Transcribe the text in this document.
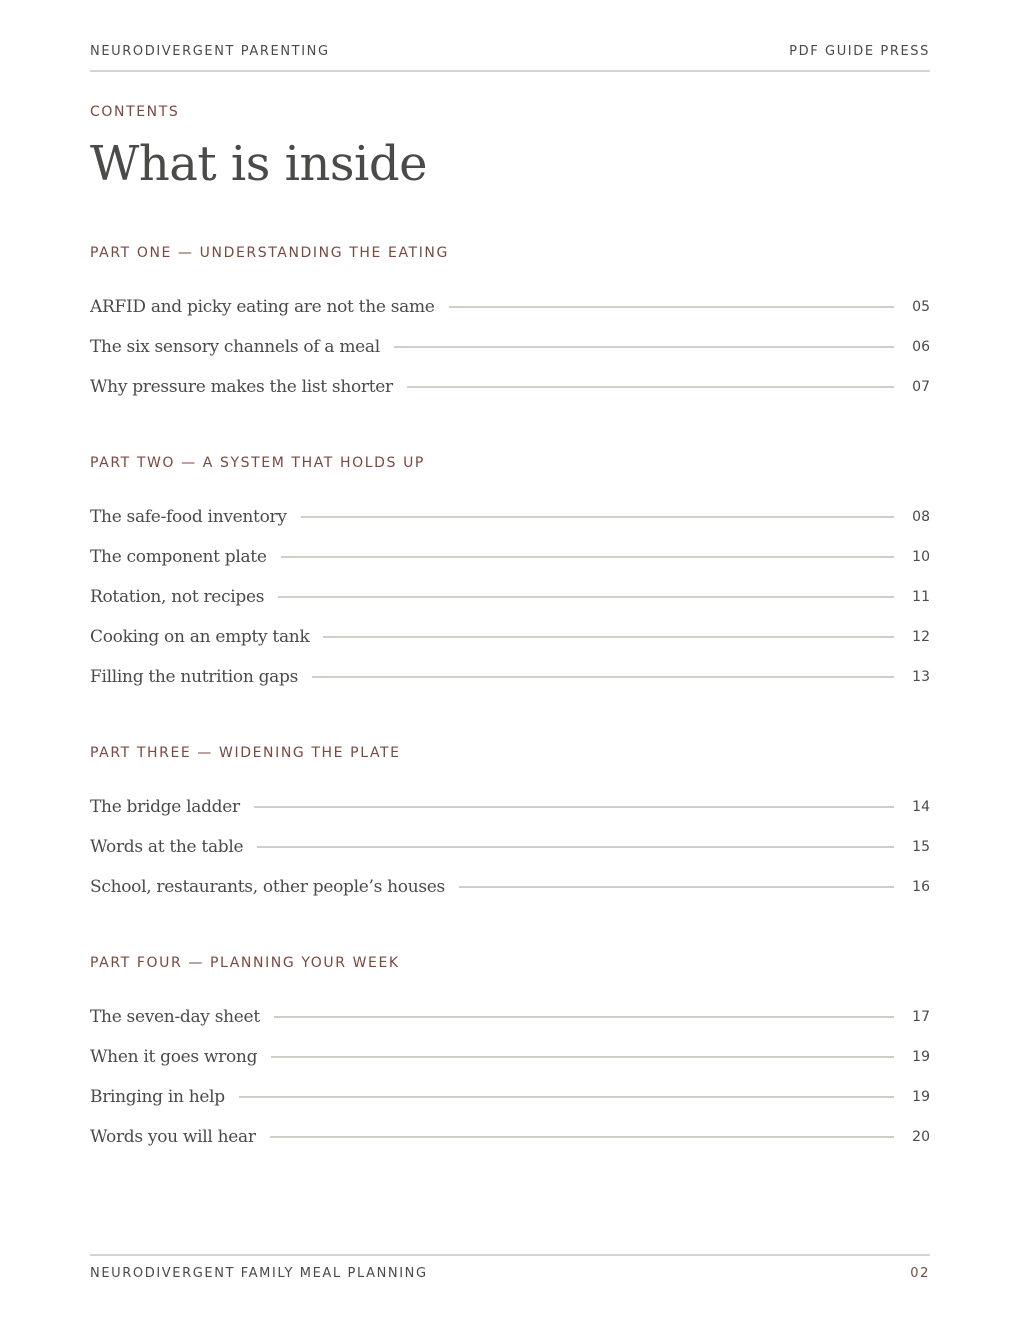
NEURODIVERGENT PARENTING	PDF GUIDE PRESS
CONTENTS
What is inside
PART ONE — UNDERSTANDING THE EATING
ARFID and picky eating are not the same	05
The six sensory channels of a meal	06
Why pressure makes the list shorter	07
PART TWO — A SYSTEM THAT HOLDS UP
The safe-food inventory	08
The component plate	10
Rotation, not recipes	11
Cooking on an empty tank	12
Filling the nutrition gaps	13
PART THREE — WIDENING THE PLATE
The bridge ladder	14
Words at the table	15
School, restaurants, other people’s houses	16
PART FOUR — PLANNING YOUR WEEK
The seven-day sheet	17
When it goes wrong	19
Bringing in help	19
Words you will hear	20
NEURODIVERGENT FAMILY MEAL PLANNING	02
